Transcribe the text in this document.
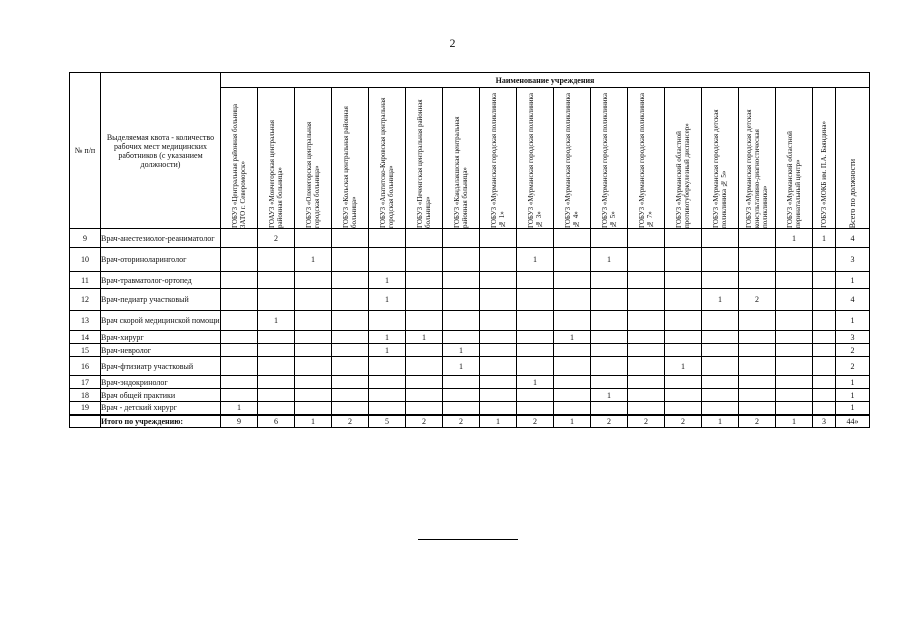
2
№ п/п	Выделяемая квота - количество рабочих мест медицинских работников (с указанием должности)	Наименование учреждения																	

		ГОБУЗ «Центральная районная больница ЗАТО г. Североморск»	ГОАУЗ «Мончегорская центральная районная больница»	ГОБУЗ «Оленегорская центральная городская больница»	ГОБУЗ «Кольская центральная районная больница»	ГОБУЗ «Апатитско-Кировская центральная городская больница»	ГОБУЗ «Печенгская центральная районная больница»	ГОБУЗ «Кандалакшская центральная районная больница»	ГОБУЗ «Мурманская городская поликлиника № 1»	ГОБУЗ «Мурманская городская поликлиника № 3»	ГОБУЗ «Мурманская городская поликлиника № 4»	ГОБУЗ «Мурманская городская поликлиника № 5»	ГОБУЗ «Мурманская городская поликлиника № 7»	ГОБУЗ «Мурманский областной противотуберкулезный диспансер»	ГОБУЗ «Мурманская городская детская поликлиника № 5»	ГОБУЗ «Мурманская городская детская консультативно-диагностическая поликлиника»	ГОБУЗ «Мурманский областной перинатальный центр»	ГОБУЗ «МОКБ им. П.А. Баяндина»	Всего по должности

9	Врач-анестезиолог-реаниматолог		2														1	1	4
10	Врач-оториноларинголог			1						1		1							3
11	Врач-травматолог-ортопед					1													1
12	Врач-педиатр участковый					1									1	2			4
13	Врач скорой медицинской помощи		1																1
14	Врач-хирург					1	1				1								3
15	Врач-невролог					1		1											2
16	Врач-фтизиатр участковый							1						1					2
17	Врач-эндокринолог									1									1
18	Врач общей практики											1							1
19	Врач - детский хирург	1																	1
	Итого по учреждению:	9	6	1	2	5	2	2	1	2	1	2	2	2	1	2	1	3	44»
